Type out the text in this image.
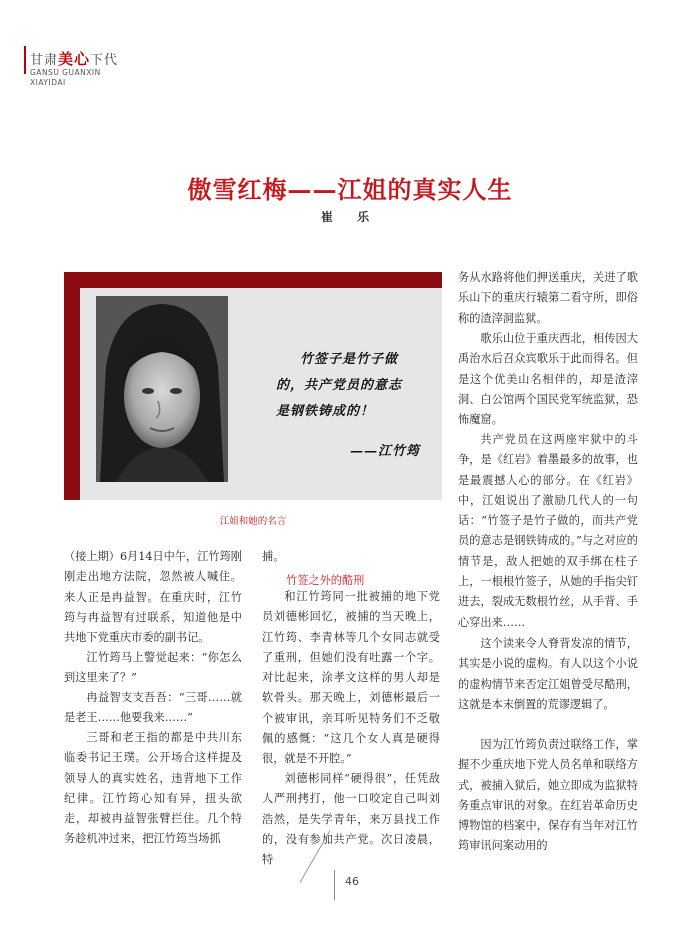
甘肃美心下代
GANSU GUANXIN
XIAYIDAI
傲雪红梅——江姐的真实人生
崔 乐
竹签子是竹子做
的，共产党员的意志
是钢铁铸成的！
——江竹筠
江姐和她的名言

（接上期）6月14日中午，江竹筠刚刚走出地方法院，忽然被人喊住。来人正是冉益智。在重庆时，江竹筠与冉益智有过联系，知道他是中共地下党重庆市委的副书记。

江竹筠马上警觉起来：“你怎么到这里来了？”

冉益智支支吾吾：“三哥……就是老王……他要我来……”

三哥和老王指的都是中共川东临委书记王璞。公开场合这样提及领导人的真实姓名，违背地下工作纪律。江竹筠心知有异，扭头欲走，却被冉益智张臂拦住。几个特务趁机冲过来，把江竹筠当场抓

捕。

竹签之外的酷刑

和江竹筠同一批被捕的地下党员刘德彬回忆，被捕的当天晚上，江竹筠、李青林等几个女同志就受了重刑，但她们没有吐露一个字。对比起来，涂孝文这样的男人却是软骨头。那天晚上，刘德彬最后一个被审讯，亲耳听见特务们不乏敬佩的感慨：“这几个女人真是硬得很，就是不开腔。”

刘德彬同样“硬得很”，任凭敌人严刑拷打，他一口咬定自己叫刘浩然，是失学青年，来万县找工作的，没有参加共产党。次日凌晨，特

务从水路将他们押送重庆，关进了歌乐山下的重庆行辕第二看守所，即俗称的渣滓洞监狱。

歌乐山位于重庆西北，相传因大禹治水后召众宾歌乐于此而得名。但是这个优美山名相伴的，却是渣滓洞、白公馆两个国民党军统监狱，恐怖魔窟。

共产党员在这两座牢狱中的斗争，是《红岩》着墨最多的故事，也是最震撼人心的部分。在《红岩》中，江姐说出了激励几代人的一句话：“竹签子是竹子做的，而共产党员的意志是钢铁铸成的。”与之对应的情节是，敌人把她的双手绑在柱子上，一根根竹签子，从她的手指尖钉进去，裂成无数根竹丝，从手背、手心穿出来……

这个读来令人脊背发凉的情节，其实是小说的虚构。有人以这个小说的虚构情节来否定江姐曾受尽酷刑，这就是本末倒置的荒谬逻辑了。

因为江竹筠负责过联络工作，掌握不少重庆地下党人员名单和联络方式，被捕入狱后，她立即成为监狱特务重点审讯的对象。在红岩革命历史博物馆的档案中，保存有当年对江竹筠审讯问案动用的

46
